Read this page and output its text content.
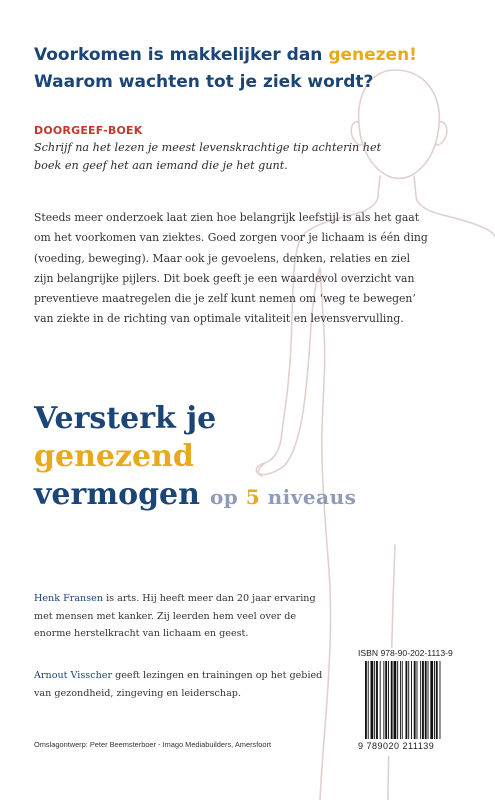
Voorkomen is makkelijker dan genezen!
Waarom wachten tot je ziek wordt?
DOORGEEF-BOEK
Schrijf na het lezen je meest levenskrachtige tip achterin het boek en geef het aan iemand die je het gunt.
Steeds meer onderzoek laat zien hoe belangrijk leefstijl is als het gaat om het voorkomen van ziektes. Goed zorgen voor je lichaam is één ding (voeding, beweging). Maar ook je gevoelens, denken, relaties en ziel zijn belangrijke pijlers. Dit boek geeft je een waardevol overzicht van preventieve maatregelen die je zelf kunt nemen om ‘weg te bewegen’ van ziekte in de richting van optimale vitaliteit en levensvervulling.
Versterk je
genezend
vermogen op 5 niveaus
Henk Fransen is arts. Hij heeft meer dan 20 jaar ervaring met mensen met kanker. Zij leerden hem veel over de enorme herstelkracht van lichaam en geest.
Arnout Visscher geeft lezingen en trainingen op het gebied van gezondheid, zingeving en leiderschap.
Omslagontwerp: Peter Beemsterboer - Imago Mediabuilders, Amersfoort
ISBN 978-90-202-1113-9
9 789020 211139
